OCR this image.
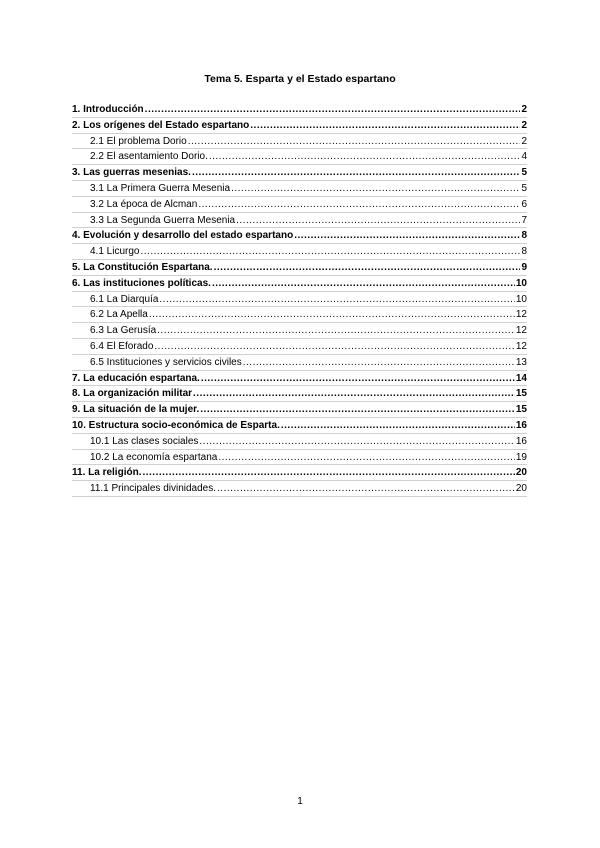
Tema 5. Esparta y el Estado espartano
1. Introducción .....	2
2. Los orígenes del Estado espartano .....	2
2.1 El problema Dorio .....	2
2.2 El asentamiento Dorio. .....	4
3. Las guerras mesenias. .....	5
3.1 La Primera Guerra Mesenia .....	5
3.2 La época de Alcman .....	6
3.3 La Segunda Guerra Mesenia .....	7
4. Evolución y desarrollo del estado espartano .....	8
4.1 Licurgo .....	8
5. La Constitución Espartana. .....	9
6. Las instituciones políticas. .....	10
6.1 La Diarquía .....	10
6.2 La Apella .....	12
6.3 La Gerusía .....	12
6.4 El Eforado .....	12
6.5 Instituciones y servicios civiles .....	13
7. La educación espartana. .....	14
8. La organización militar .....	15
9. La situación de la mujer. .....	15
10. Estructura socio-económica de Esparta. .....	16
10.1 Las clases sociales .....	16
10.2 La economía espartana .....	19
11. La religión. .....	20
11.1 Principales divinidades. .....	20
1
